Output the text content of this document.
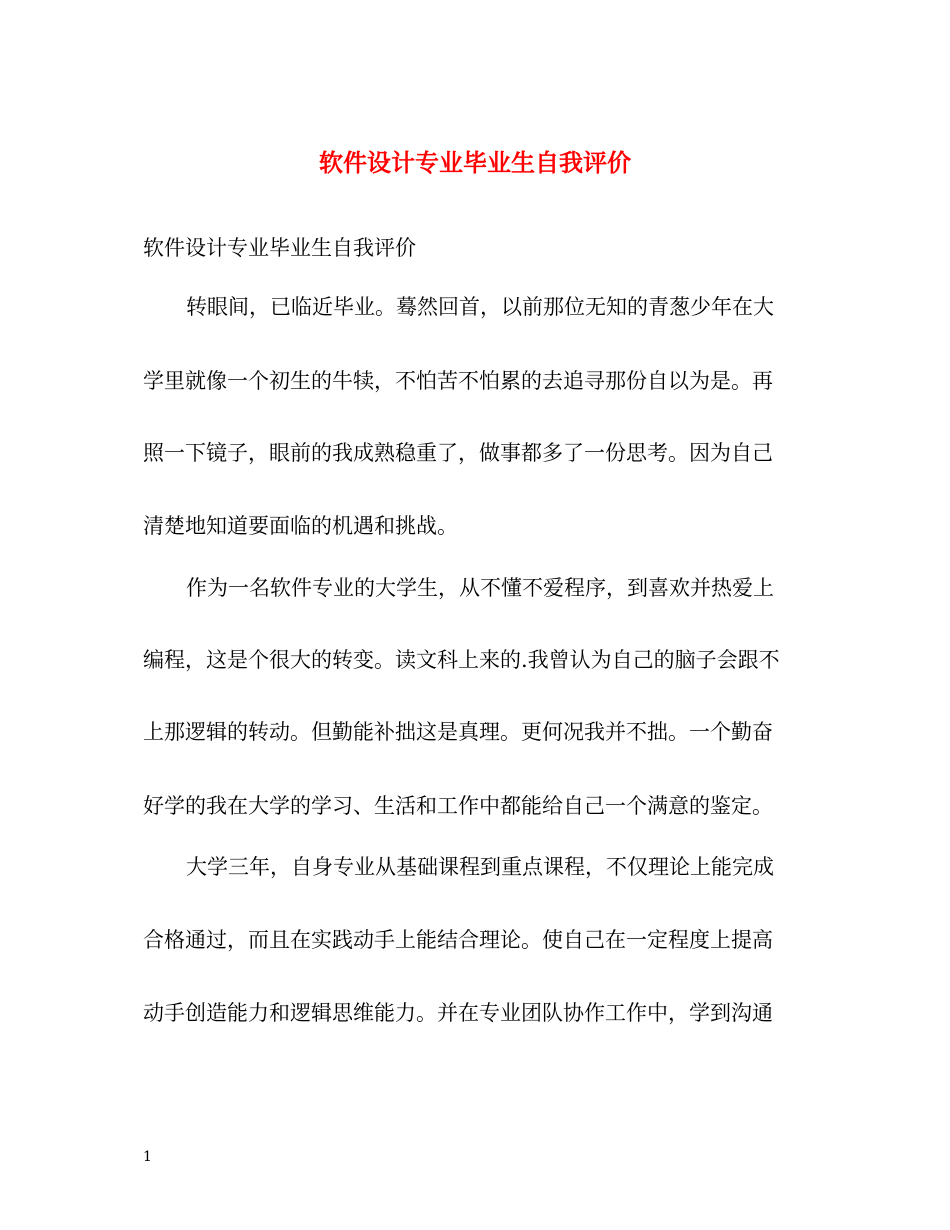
软件设计专业毕业生自我评价

软件设计专业毕业生自我评价

转眼间，已临近毕业。蓦然回首，以前那位无知的青葱少年在大

学里就像一个初生的牛犊，不怕苦不怕累的去追寻那份自以为是。再

照一下镜子，眼前的我成熟稳重了，做事都多了一份思考。因为自己

清楚地知道要面临的机遇和挑战。

作为一名软件专业的大学生，从不懂不爱程序，到喜欢并热爱上

编程，这是个很大的转变。读文科上来的.我曾认为自己的脑子会跟不

上那逻辑的转动。但勤能补拙这是真理。更何况我并不拙。一个勤奋

好学的我在大学的学习、生活和工作中都能给自己一个满意的鉴定。

大学三年，自身专业从基础课程到重点课程，不仅理论上能完成

合格通过，而且在实践动手上能结合理论。使自己在一定程度上提高

动手创造能力和逻辑思维能力。并在专业团队协作工作中，学到沟通

1
